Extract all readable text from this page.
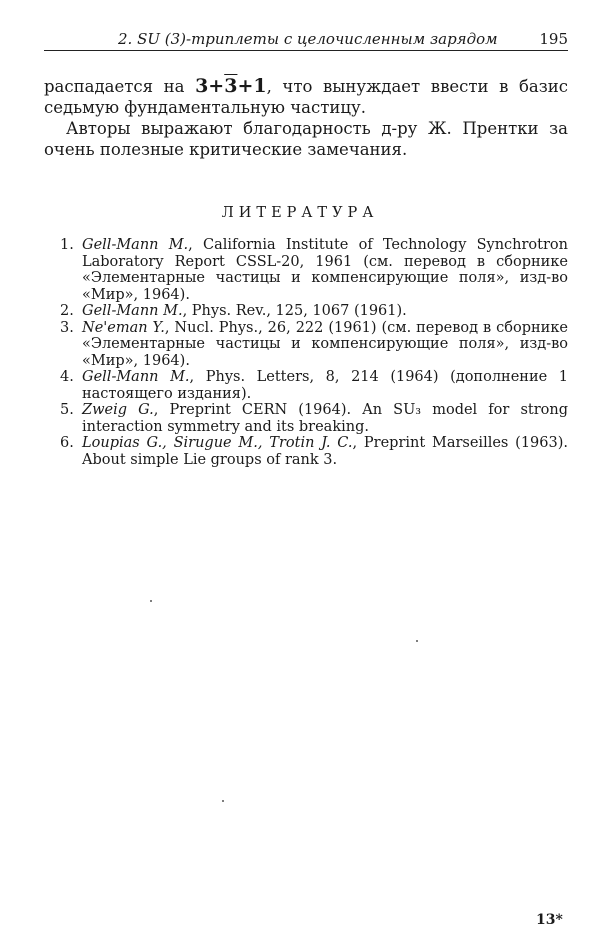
2. SU (3)-триплеты с целочисленным зарядом	195

распадается на 3+3+1, что вынуждает ввести в базис седьмую фундаментальную частицу.

Авторы выражают благодарность д-ру Ж. Прентки за очень полезные критические замечания.

ЛИТЕРАТУРА
1. Gell-Mann M., California Institute of Technology Synchrotron Laboratory Report CSSL-20, 1961 (см. перевод в сборнике «Элементарные частицы и компенсирующие поля», изд-во «Мир», 1964).
2. Gell-Mann M., Phys. Rev., 125, 1067 (1961).
3. Ne'eman Y., Nucl. Phys., 26, 222 (1961) (см. перевод в сборнике «Элементарные частицы и компенсирующие поля», изд-во «Мир», 1964).
4. Gell-Mann M., Phys. Letters, 8, 214 (1964) (дополнение 1 настоящего издания).
5. Zweig G., Preprint CERN (1964). An SU₃ model for strong interaction symmetry and its breaking.
6. Loupias G., Sirugue M., Trotin J. C., Preprint Marseilles (1963). About simple Lie groups of rank 3.
13*
